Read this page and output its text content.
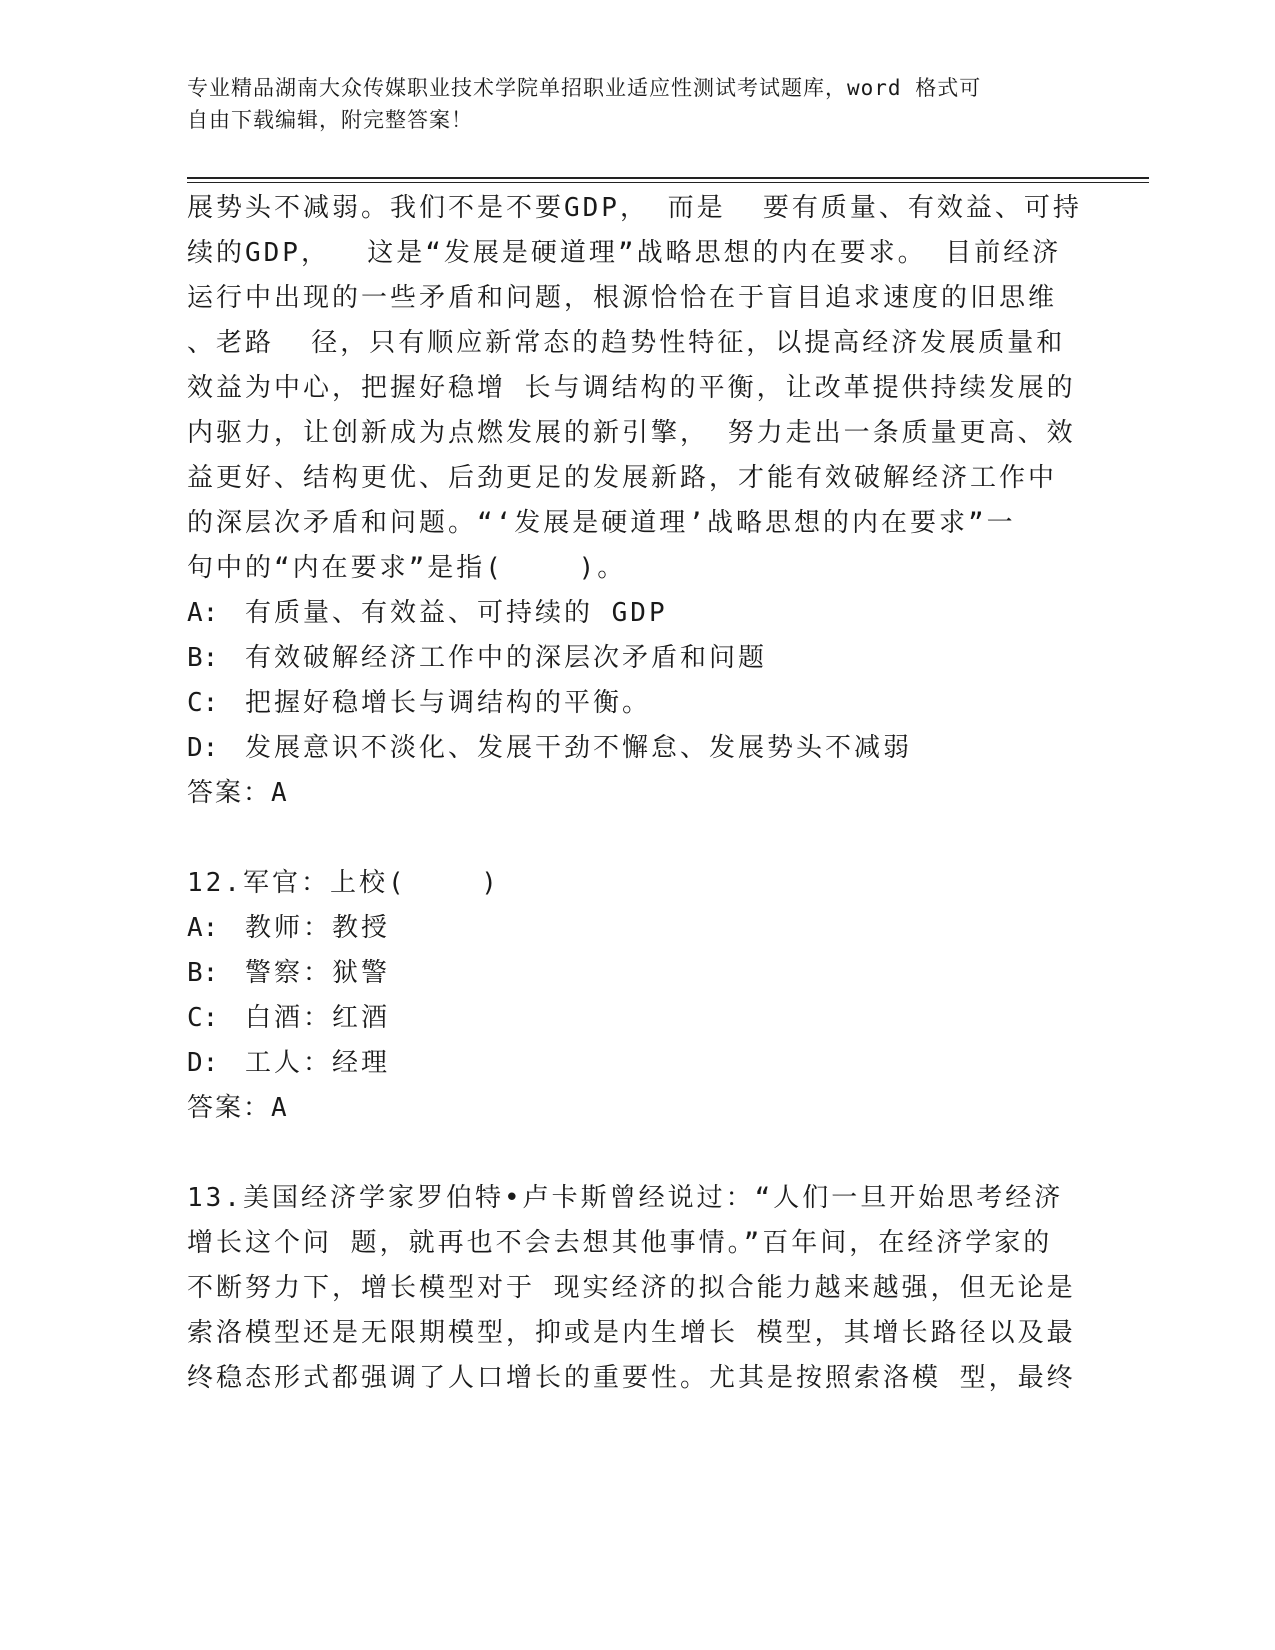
专业精品湖南大众传媒职业技术学院单招职业适应性测试考试题库，word 格式可
自由下载编辑，附完整答案！
展势头不减弱。我们不是不要GDP， 而是  要有质量、有效益、可持
续的GDP，  这是“发展是硬道理”战略思想的内在要求。 目前经济
运行中出现的一些矛盾和问题，根源恰恰在于盲目追求速度的旧思维
、老路  径，只有顺应新常态的趋势性特征，以提高经济发展质量和
效益为中心，把握好稳增 长与调结构的平衡，让改革提供持续发展的
内驱力，让创新成为点燃发展的新引擎， 努力走出一条质量更高、效
益更好、结构更优、后劲更足的发展新路，才能有效破解经济工作中
的深层次矛盾和问题。“‘发展是硬道理’战略思想的内在要求”一
句中的“内在要求”是指(    )。
A: 有质量、有效益、可持续的 GDP
B: 有效破解经济工作中的深层次矛盾和问题
C: 把握好稳增长与调结构的平衡。
D: 发展意识不淡化、发展干劲不懈怠、发展势头不减弱
答案：A
12.军官：上校(    )
A: 教师：教授
B: 警察：狱警
C: 白酒：红酒
D: 工人：经理
答案：A
13.美国经济学家罗伯特•卢卡斯曾经说过：“人们一旦开始思考经济
增长这个问 题，就再也不会去想其他事情。”百年间，在经济学家的
不断努力下，增长模型对于 现实经济的拟合能力越来越强，但无论是
索洛模型还是无限期模型，抑或是内生增长 模型，其增长路径以及最
终稳态形式都强调了人口增长的重要性。尤其是按照索洛模 型，最终
